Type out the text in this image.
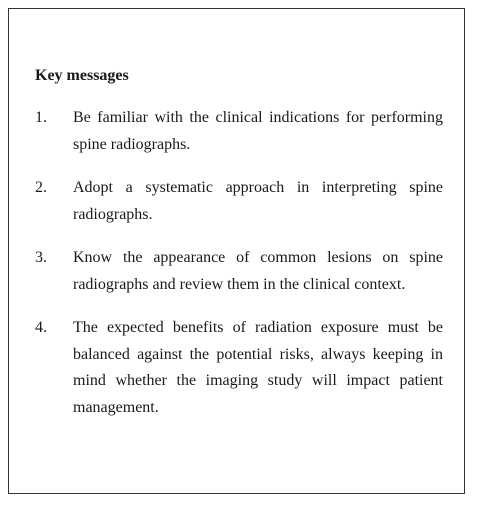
Key messages

1.	Be familiar with the clinical indications for performing spine radiographs.
2.	Adopt a systematic approach in interpreting spine radiographs.
3.	Know the appearance of common lesions on spine radiographs and review them in the clinical context.
4.	The expected benefits of radiation exposure must be balanced against the potential risks, always keeping in mind whether the imaging study will impact patient management.
